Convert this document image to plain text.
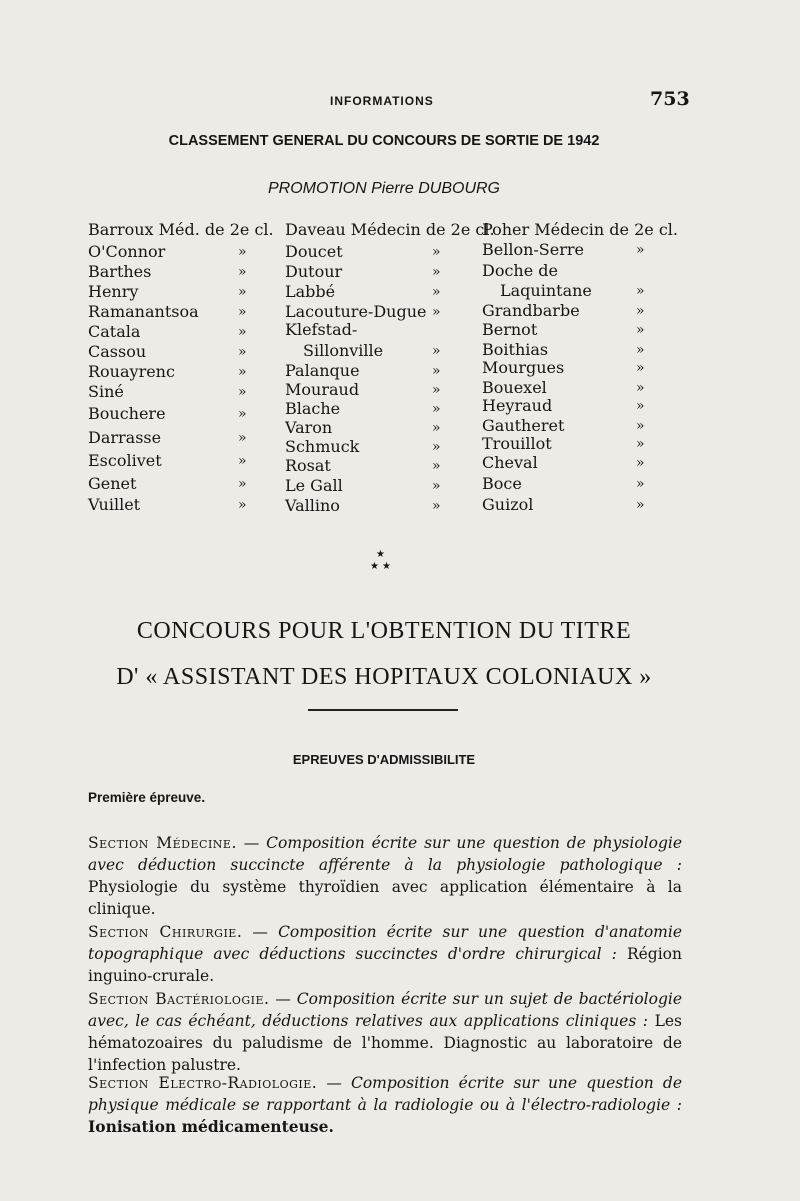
INFORMATIONS	753
CLASSEMENT GENERAL DU CONCOURS DE SORTIE DE 1942
PROMOTION Pierre DUBOURG
Barroux Méd. de 2e cl.
O'Connor	»
Barthes	»
Henry	»
Ramanantsoa	»
Catala	»
Cassou	»
Rouayrenc	»
Siné	»
Bouchere	»
Darrasse	»
Escolivet	»
Genet	»
Vuillet	»
Daveau Médecin de 2e cl.
Doucet	»
Dutour	»
Labbé	»
Lacouture-Dugue »
Klefstad-
Sillonville	»
Palanque	»
Mouraud	»
Blache	»
Varon	»
Schmuck	»
Rosat	»
Le Gall	»
Vallino	»
Poher Médecin de 2e cl.
Bellon-Serre	»
Doche de
Laquintane	»
Grandbarbe	»
Bernot	»
Boithias	»
Mourgues	»
Bouexel	»
Heyraud	»
Gautheret	»
Trouillot	»
Cheval	»
Boce	»
Guizol	»
★
★ ★
CONCOURS POUR L'OBTENTION DU TITRE
D' « ASSISTANT DES HOPITAUX COLONIAUX »
EPREUVES D'ADMISSIBILITE
Première épreuve.
Section Médecine. — Composition écrite sur une question de physiologie avec déduction succincte afférente à la physiologie pathologique : Physiologie du système thyroïdien avec application élémentaire à la clinique.
Section Chirurgie. — Composition écrite sur une question d'anatomie topographique avec déductions succinctes d'ordre chirurgical : Région inguino-crurale.
Section Bactériologie. — Composition écrite sur un sujet de bactériologie avec, le cas échéant, déductions relatives aux applications cliniques : Les hématozoaires du paludisme de l'homme. Diagnostic au laboratoire de l'infection palustre.
Section Electro-Radiologie. — Composition écrite sur une question de physique médicale se rapportant à la radiologie ou à l'électro-radiologie : Ionisation médicamenteuse.
